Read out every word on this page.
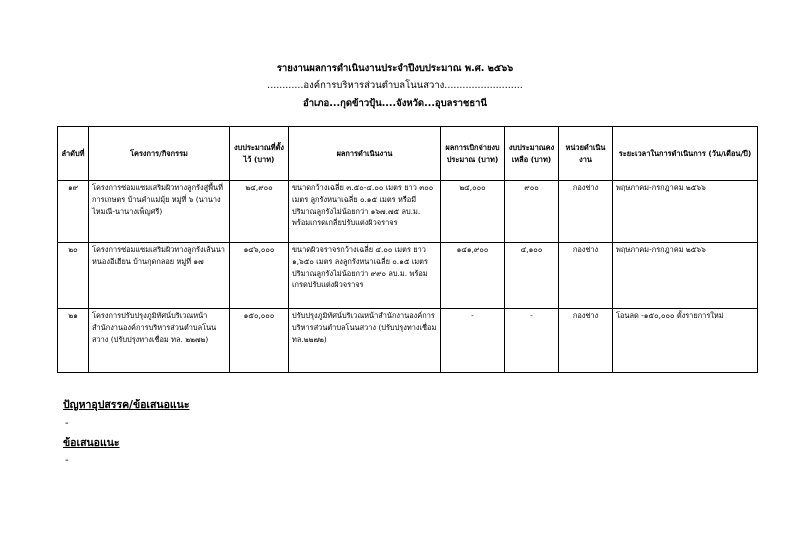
รายงานผลการดำเนินงานประจำปีงบประมาณ พ.ศ. ๒๕๖๖
............องค์การบริหารส่วนตำบลโนนสวาง..........................
อำเภอ...กุดข้าวปุ้น....จังหวัด...อุบลราชธานี
ลำดับที่	โครงการ/กิจกรรม	งบประมาณที่ตั้งไว้ (บาท)	ผลการดำเนินงาน	ผลการเบิกจ่ายงบประมาณ (บาท)	งบประมาณคงเหลือ (บาท)	หน่วยดำเนินงาน	ระยะเวลาในการดำเนินการ (วัน/เดือน/ปี)
๑๙	โครงการซ่อมแซมเสริมผิวทางลูกรังสู่พื้นที่การเกษตร บ้านคำแม่มุ้ย หมู่ที่ ๖ (นานางไหมณี-นานางเพ็ญศรี)	๒๔,๙๐๐	ขนาดกว้างเฉลี่ย ๓.๕๐-๔.๐๐ เมตร ยาว ๓๐๐ เมตร ลูกรังหนาเฉลี่ย ๐.๑๕ เมตร หรือมีปริมาณลูกรังไม่น้อยกว่า ๑๖๗.๗๕ ลบ.ม. พร้อมเกรดเกลี่ยปรับแต่งผิวจราจร	๒๔,๐๐๐	๙๐๐	กองช่าง	พฤษภาคม-กรกฎาคม ๒๕๖๖
๒๐	โครงการซ่อมแซมเสริมผิวทางลูกรังเส้นนาหนองอีเฮียน บ้านกุดกลอย หมู่ที่ ๑๗	๑๔๖,๐๐๐	ขนาดผิวจราจรกว้างเฉลี่ย ๔.๐๐ เมตร ยาว ๑,๖๕๐ เมตร ลงลูกรังหนาเฉลี่ย ๐.๑๕ เมตร ปริมาณลูกรังไม่น้อยกว่า ๙๙๐ ลบ.ม. พร้อมเกรดปรับแต่งผิวจราจร	๑๔๑,๙๐๐	๔,๑๐๐	กองช่าง	พฤษภาคม-กรกฎาคม ๒๕๖๖
๒๑	โครงการปรับปรุงภูมิทัศน์บริเวณหน้าสำนักงานองค์การบริหารส่วนตำบลโนนสวาง (ปรับปรุงทางเชื่อม ทล. ๒๒๗๒)	๑๕๐,๐๐๐	ปรับปรุงภูมิทัศน์บริเวณหน้าสำนักงานองค์การบริหารส่วนตำบลโนนสวาง (ปรับปรุงทางเชื่อม ทล.๒๒๗๒)	-	-	กองช่าง	โอนลด -๑๕๐,๐๐๐ ตั้งรายการใหม่
ปัญหาอุปสรรค/ข้อเสนอแนะ
-
ข้อเสนอแนะ
-
